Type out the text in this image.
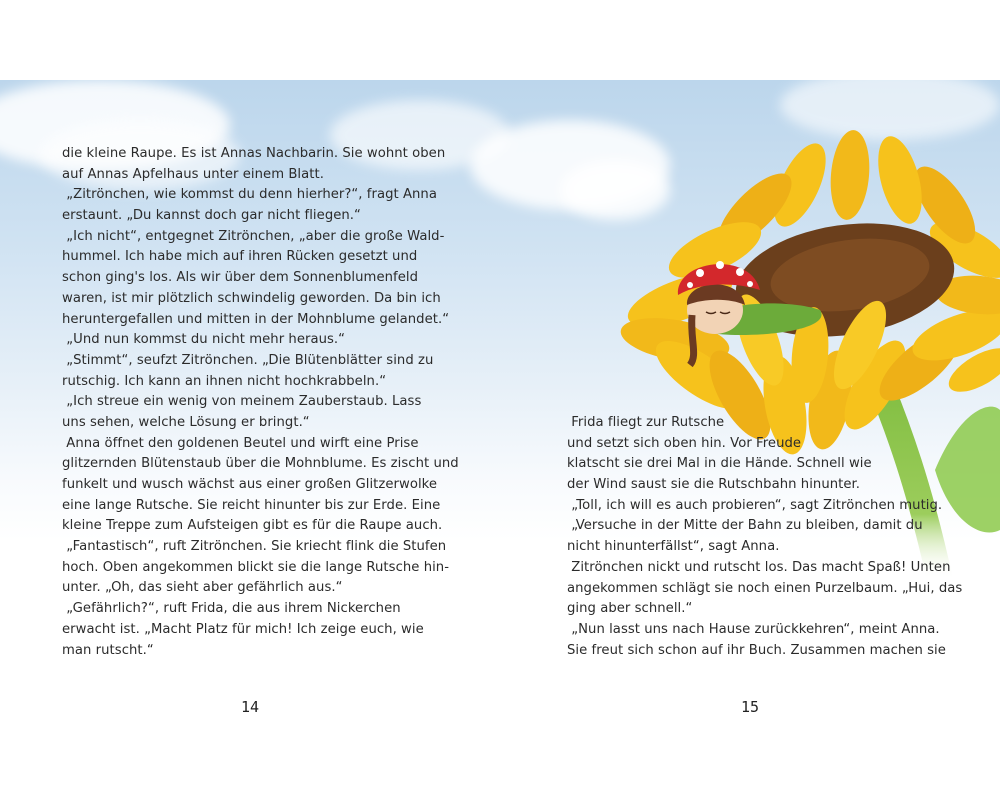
die kleine Raupe. Es ist Annas Nachbarin. Sie wohnt oben
auf Annas Apfelhaus unter einem Blatt.
„Zitrönchen, wie kommst du denn hierher?“, fragt Anna
erstaunt. „Du kannst doch gar nicht fliegen.“
„Ich nicht“, entgegnet Zitrönchen, „aber die große Wald-
hummel. Ich habe mich auf ihren Rücken gesetzt und
schon ging's los. Als wir über dem Sonnenblumenfeld
waren, ist mir plötzlich schwindelig geworden. Da bin ich
heruntergefallen und mitten in der Mohnblume gelandet.“
„Und nun kommst du nicht mehr heraus.“
„Stimmt“, seufzt Zitrönchen. „Die Blütenblätter sind zu
rutschig. Ich kann an ihnen nicht hochkrabbeln.“
„Ich streue ein wenig von meinem Zauberstaub. Lass
uns sehen, welche Lösung er bringt.“
Anna öffnet den goldenen Beutel und wirft eine Prise
glitzernden Blütenstaub über die Mohnblume. Es zischt und
funkelt und wusch wächst aus einer großen Glitzerwolke
eine lange Rutsche. Sie reicht hinunter bis zur Erde. Eine
kleine Treppe zum Aufsteigen gibt es für die Raupe auch.
„Fantastisch“, ruft Zitrönchen. Sie kriecht flink die Stufen
hoch. Oben angekommen blickt sie die lange Rutsche hin-
unter. „Oh, das sieht aber gefährlich aus.“
„Gefährlich?“, ruft Frida, die aus ihrem Nickerchen
erwacht ist. „Macht Platz für mich! Ich zeige euch, wie
man rutscht.“
Frida fliegt zur Rutsche
und setzt sich oben hin. Vor Freude
klatscht sie drei Mal in die Hände. Schnell wie
der Wind saust sie die Rutschbahn hinunter.
„Toll, ich will es auch probieren“, sagt Zitrönchen mutig.
„Versuche in der Mitte der Bahn zu bleiben, damit du
nicht hinunterfällst“, sagt Anna.
Zitrönchen nickt und rutscht los. Das macht Spaß! Unten
angekommen schlägt sie noch einen Purzelbaum. „Hui, das
ging aber schnell.“
„Nun lasst uns nach Hause zurückkehren“, meint Anna.
Sie freut sich schon auf ihr Buch. Zusammen machen sie
14	15
